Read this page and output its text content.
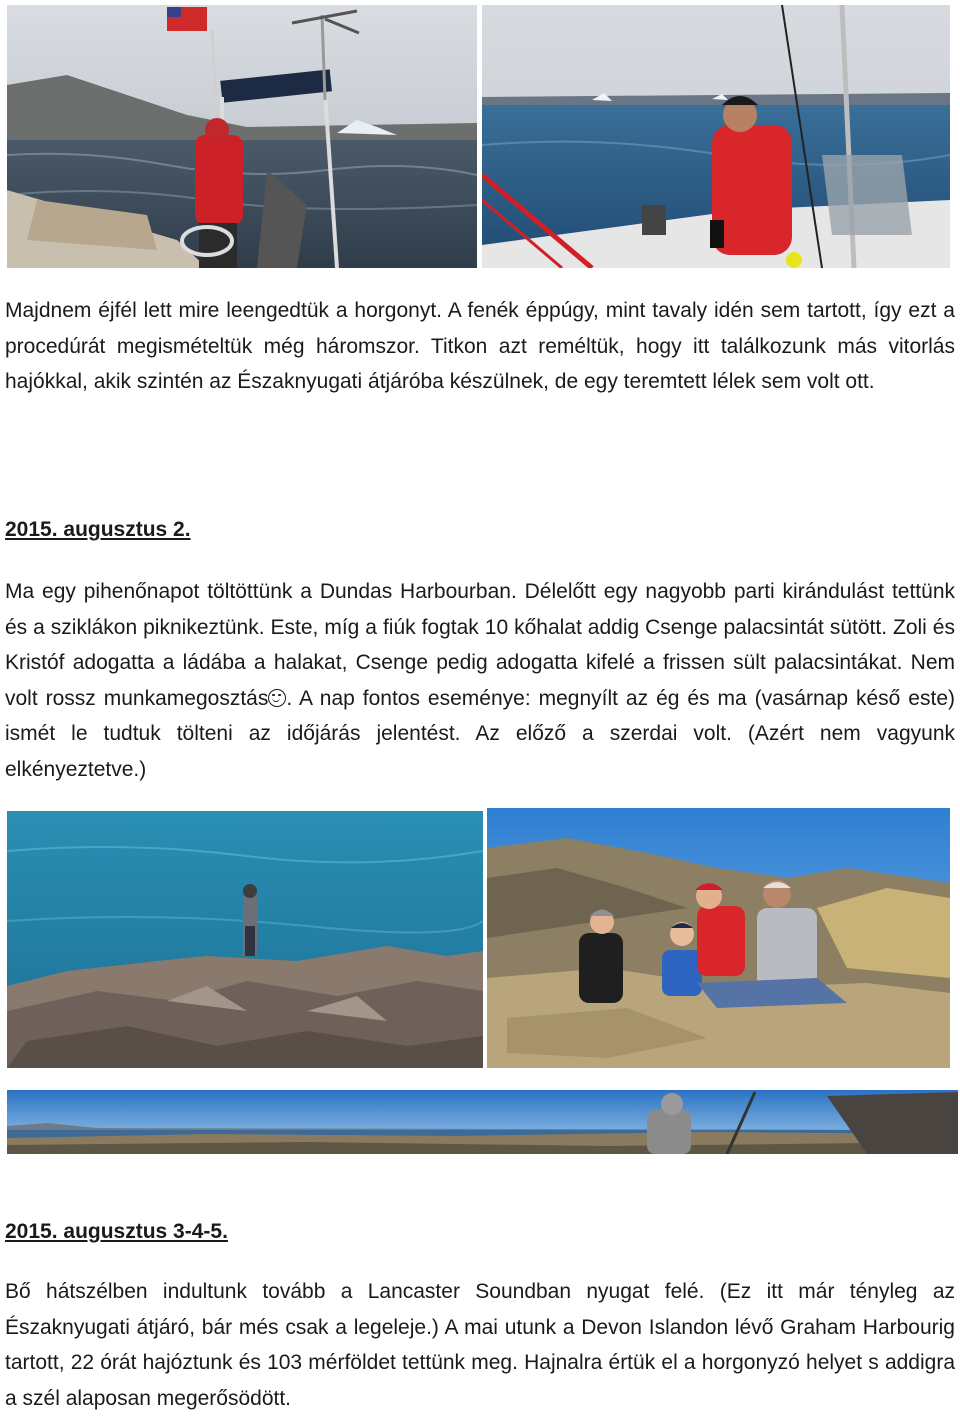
Majdnem éjfél lett mire leengedtük a horgonyt. A fenék éppúgy, mint tavaly idén sem tartott, így ezt a procedúrát megismételtük még háromszor. Titkon azt reméltük, hogy itt találkozunk más vitorlás hajókkal, akik szintén az Északnyugati átjáróba készülnek, de egy teremtett lélek sem volt ott.

2015. augusztus 2.

Ma egy pihenőnapot töltöttünk a Dundas Harbourban. Délelőtt egy nagyobb parti kirándulást tettünk és a sziklákon piknikeztünk. Este, míg a fiúk fogtak 10 kőhalat addig Csenge palacsintát sütött. Zoli és Kristóf adogatta a ládába a halakat, Csenge pedig adogatta kifelé a frissen sült palacsintákat. Nem volt rossz munkamegosztás . A nap fontos eseménye: megnyílt az ég és ma (vasárnap késő este) ismét le tudtuk tölteni az időjárás jelentést. Az előző a szerdai volt. (Azért nem vagyunk elkényeztetve.)

2015. augusztus 3-4-5.

Bő hátszélben indultunk tovább a Lancaster Soundban nyugat felé. (Ez itt már tényleg az Északnyugati átjáró, bár més csak a legeleje.) A mai utunk a Devon Islandon lévő Graham Harbourig tartott, 22 órát hajóztunk és 103 mérföldet tettünk meg. Hajnalra értük el a horgonyzó helyet s addigra a szél alaposan megerősödött.
